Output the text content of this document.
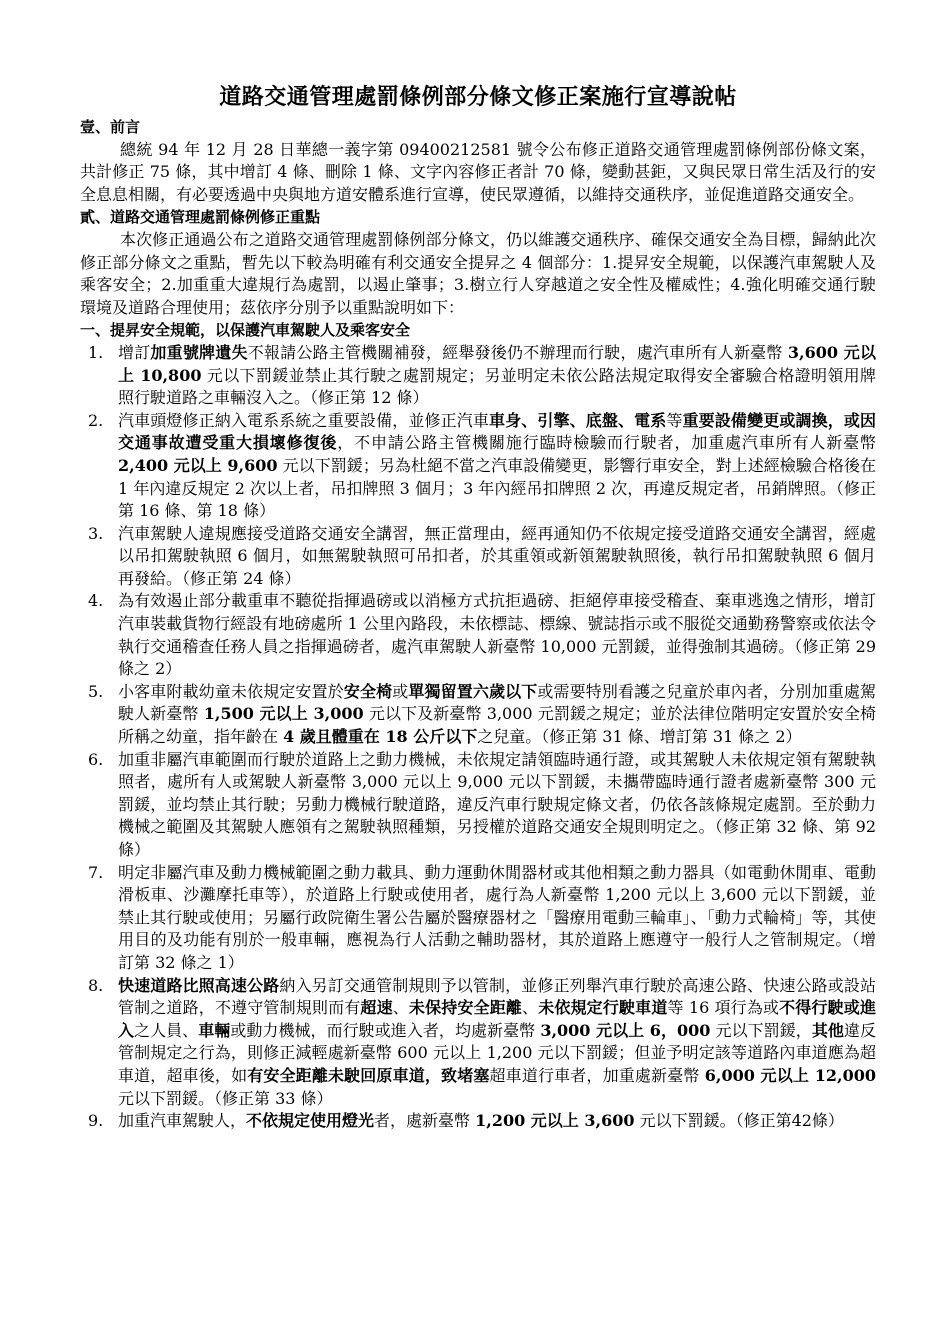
道路交通管理處罰條例部分條文修正案施行宣導說帖
壹、前言

總統 94 年 12 月 28 日華總一義字第 09400212581 號令公布修正道路交通管理處罰條例部份條文案，共計修正 75 條，其中增訂 4 條、刪除 1 條、文字內容修正者計 70 條，變動甚鉅，又與民眾日常生活及行的安全息息相關，有必要透過中央與地方道安體系進行宣導，使民眾遵循，以維持交通秩序，並促進道路交通安全。

貳、道路交通管理處罰條例修正重點

本次修正通過公布之道路交通管理處罰條例部分條文，仍以維護交通秩序、確保交通安全為目標，歸納此次修正部分條文之重點，暫先以下較為明確有利交通安全提昇之 4 個部分：1.提昇安全規範，以保護汽車駕駛人及乘客安全；2.加重重大違規行為處罰，以遏止肇事；3.樹立行人穿越道之安全性及權威性；4.強化明確交通行駛環境及道路合理使用；茲依序分別予以重點說明如下：

一、提昇安全規範，以保護汽車駕駛人及乘客安全
1. 增訂加重號牌遺失不報請公路主管機關補發，經舉發後仍不辦理而行駛，處汽車所有人新臺幣 3,600 元以上 10,800 元以下罰鍰並禁止其行駛之處罰規定；另並明定未依公路法規定取得安全審驗合格證明領用牌照行駛道路之車輛沒入之。（修正第 12 條）
2. 汽車頭燈修正納入電系系統之重要設備，並修正汽車車身、引擎、底盤、電系等重要設備變更或調換，或因交通事故遭受重大損壞修復後，不申請公路主管機關施行臨時檢驗而行駛者，加重處汽車所有人新臺幣 2,400 元以上 9,600 元以下罰鍰；另為杜絕不當之汽車設備變更，影響行車安全，對上述經檢驗合格後在 1 年內違反規定 2 次以上者，吊扣牌照 3 個月；3 年內經吊扣牌照 2 次，再違反規定者，吊銷牌照。（修正第 16 條、第 18 條）
3. 汽車駕駛人違規應接受道路交通安全講習，無正當理由，經再通知仍不依規定接受道路交通安全講習，經處以吊扣駕駛執照 6 個月，如無駕駛執照可吊扣者，於其重領或新領駕駛執照後，執行吊扣駕駛執照 6 個月再發給。（修正第 24 條）
4. 為有效遏止部分載重車不聽從指揮過磅或以消極方式抗拒過磅、拒絕停車接受稽查、棄車逃逸之情形，增訂汽車裝載貨物行經設有地磅處所 1 公里內路段，未依標誌、標線、號誌指示或不服從交通勤務警察或依法令執行交通稽查任務人員之指揮過磅者，處汽車駕駛人新臺幣 10,000 元罰鍰，並得強制其過磅。（修正第 29 條之 2）
5. 小客車附載幼童未依規定安置於安全椅或單獨留置六歲以下或需要特別看護之兒童於車內者，分別加重處駕駛人新臺幣 1,500 元以上 3,000 元以下及新臺幣 3,000 元罰鍰之規定；並於法律位階明定安置於安全椅所稱之幼童，指年齡在 4 歲且體重在 18 公斤以下之兒童。（修正第 31 條、增訂第 31 條之 2）
6. 加重非屬汽車範圍而行駛於道路上之動力機械，未依規定請領臨時通行證，或其駕駛人未依規定領有駕駛執照者，處所有人或駕駛人新臺幣 3,000 元以上 9,000 元以下罰鍰，未攜帶臨時通行證者處新臺幣 300 元罰鍰，並均禁止其行駛；另動力機械行駛道路，違反汽車行駛規定條文者，仍依各該條規定處罰。至於動力機械之範圍及其駕駛人應領有之駕駛執照種類，另授權於道路交通安全規則明定之。（修正第 32 條、第 92 條）
7. 明定非屬汽車及動力機械範圍之動力載具、動力運動休閒器材或其他相類之動力器具（如電動休閒車、電動滑板車、沙灘摩托車等），於道路上行駛或使用者，處行為人新臺幣 1,200 元以上 3,600 元以下罰鍰，並禁止其行駛或使用；另屬行政院衛生署公告屬於醫療器材之「醫療用電動三輪車」、「動力式輪椅」等，其使用目的及功能有別於一般車輛，應視為行人活動之輔助器材，其於道路上應遵守一般行人之管制規定。（增訂第 32 條之 1）
8. 快速道路比照高速公路納入另訂交通管制規則予以管制，並修正列舉汽車行駛於高速公路、快速公路或設站管制之道路，不遵守管制規則而有超速、未保持安全距離、未依規定行駛車道等 16 項行為或不得行駛或進入之人員、車輛或動力機械，而行駛或進入者，均處新臺幣 3,000 元以上 6，000 元以下罰鍰，其他違反管制規定之行為，則修正減輕處新臺幣 600 元以上 1,200 元以下罰鍰；但並予明定該等道路內車道應為超車道，超車後，如有安全距離未駛回原車道，致堵塞超車道行車者，加重處新臺幣 6,000 元以上 12,000 元以下罰鍰。（修正第 33 條）
9. 加重汽車駕駛人，不依規定使用燈光者，處新臺幣 1,200 元以上 3,600 元以下罰鍰。（修正第42條）
